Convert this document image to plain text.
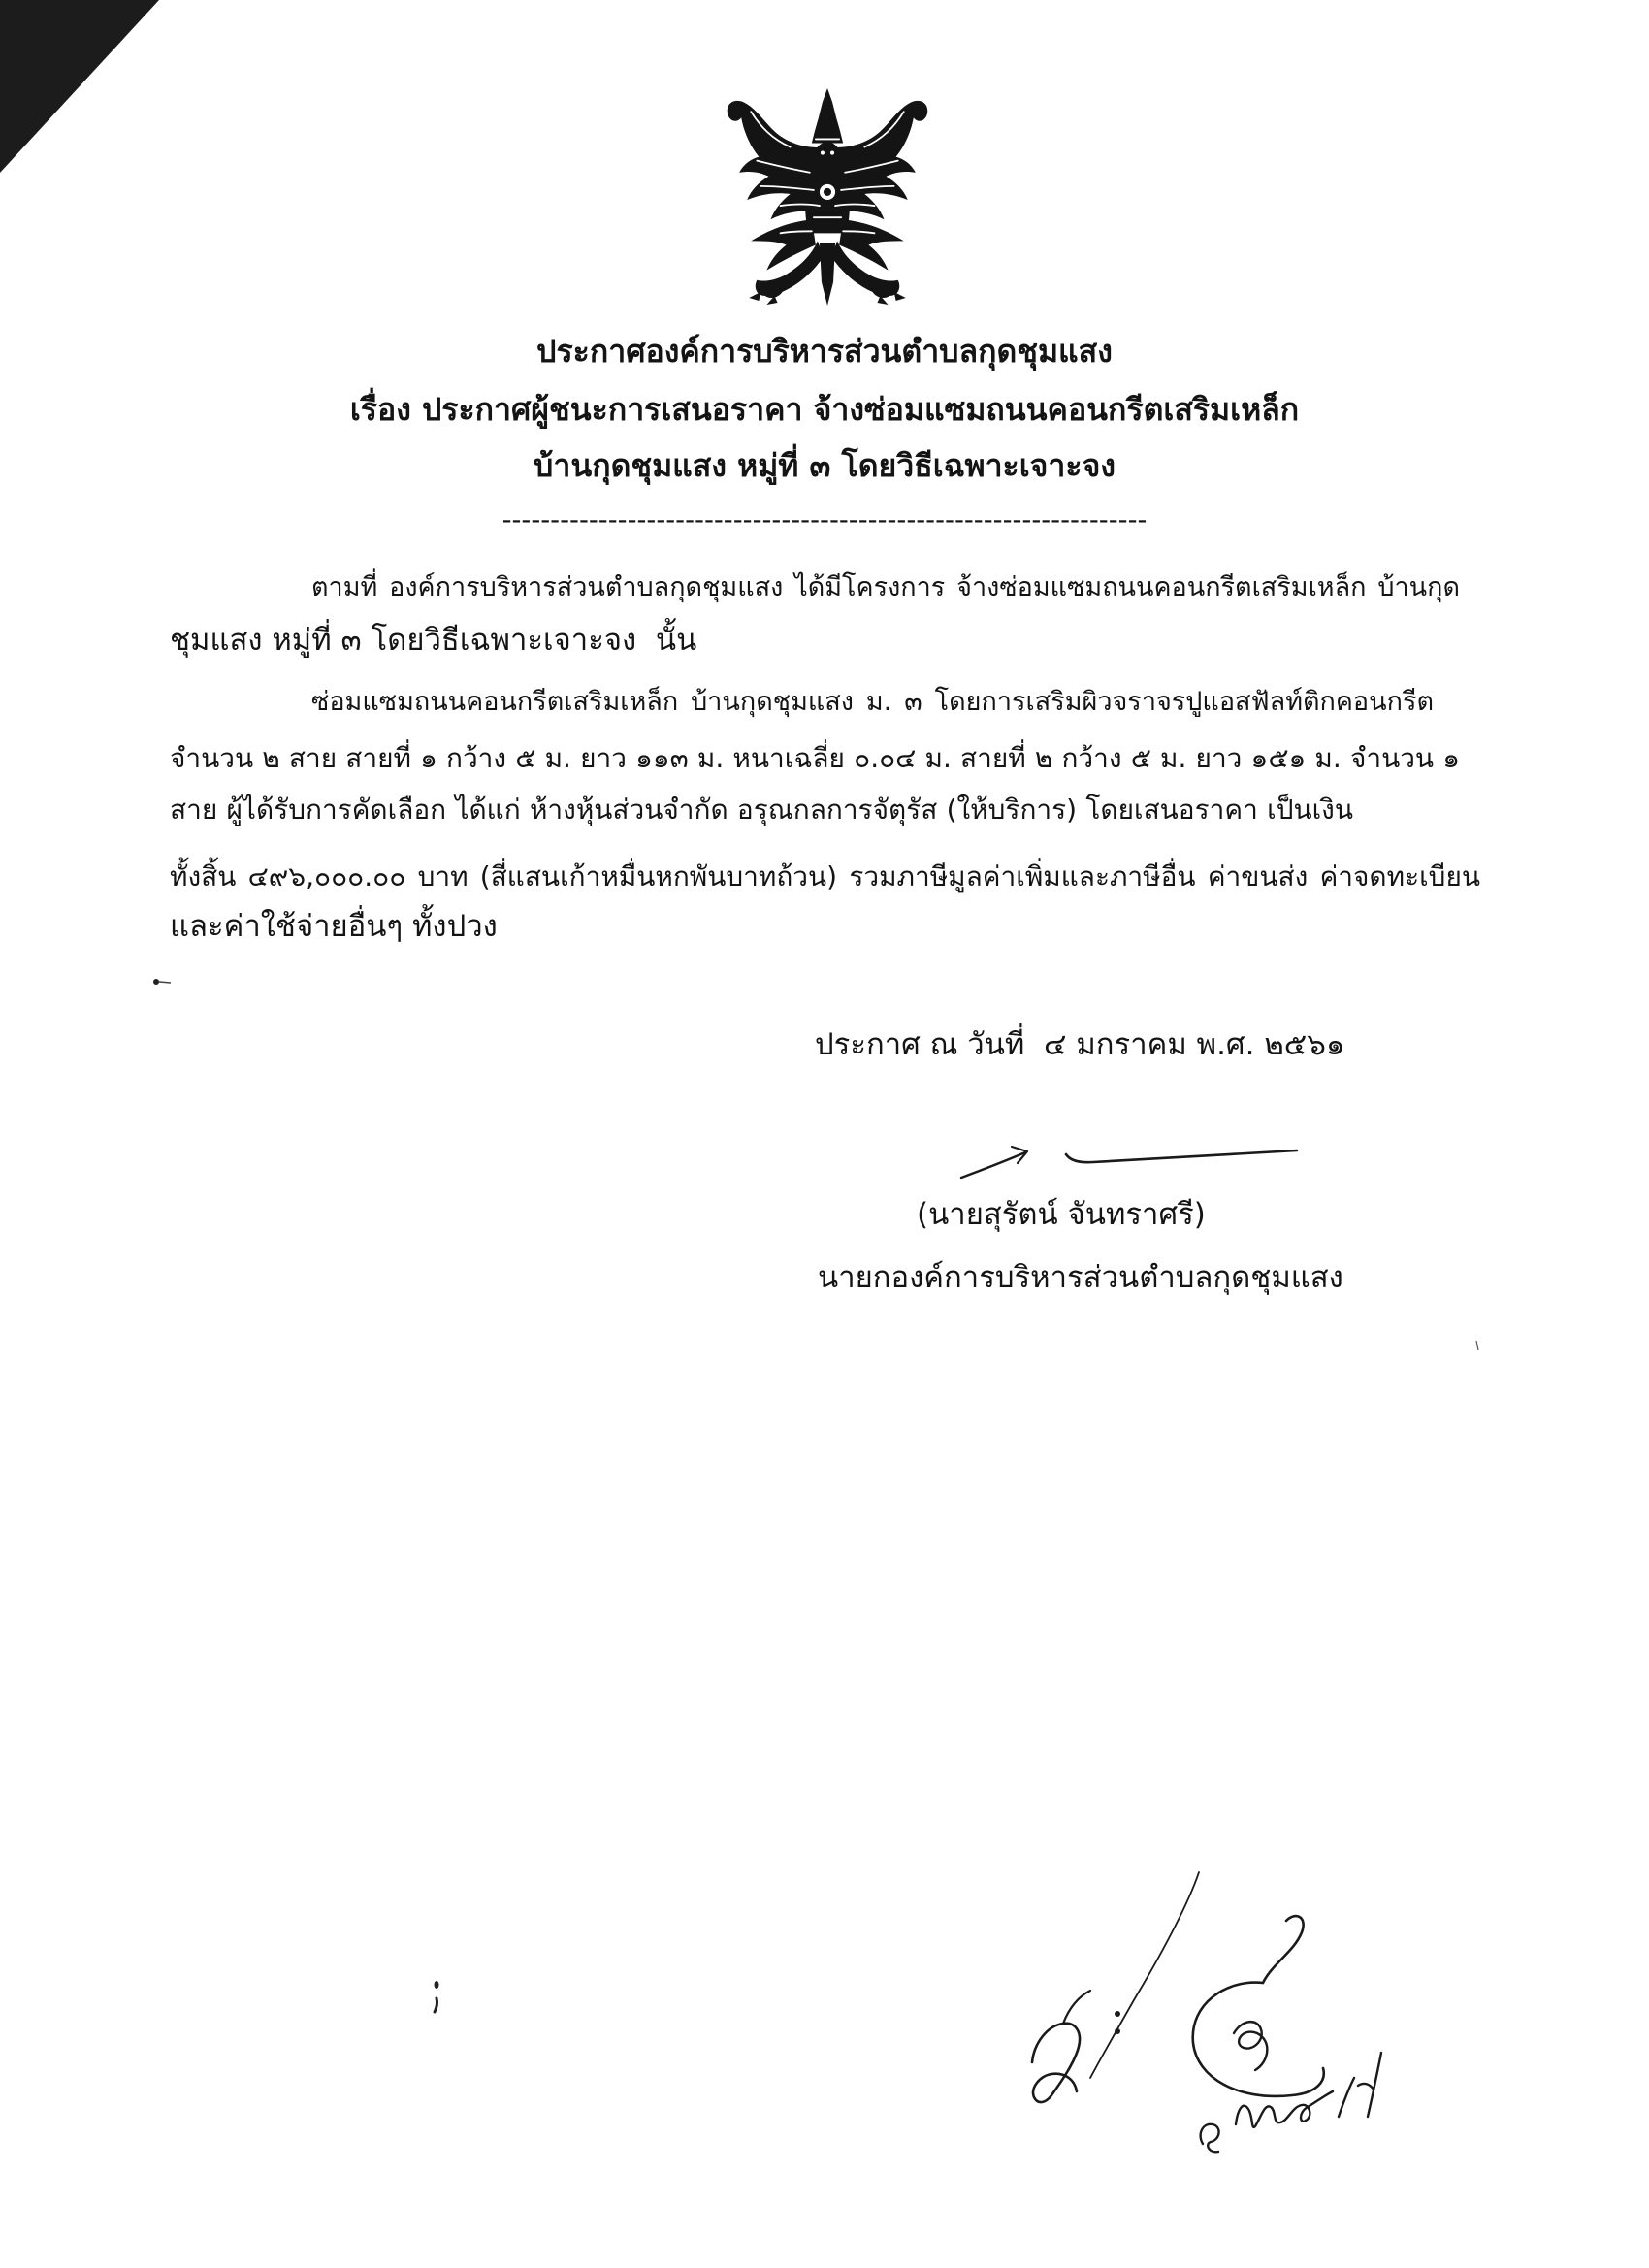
ประกาศองค์การบริหารส่วนตำบลกุดชุมแสง
เรื่อง ประกาศผู้ชนะการเสนอราคา จ้างซ่อมแซมถนนคอนกรีตเสริมเหล็ก
บ้านกุดชุมแสง หมู่ที่ ๓ โดยวิธีเฉพาะเจาะจง
-------------------------------------------------------------------
ตามที่ องค์การบริหารส่วนตำบลกุดชุมแสง ได้มีโครงการ จ้างซ่อมแซมถนนคอนกรีตเสริมเหล็ก บ้านกุด
ชุมแสง หมู่ที่ ๓ โดยวิธีเฉพาะเจาะจง  นั้น
ซ่อมแซมถนนคอนกรีตเสริมเหล็ก บ้านกุดชุมแสง ม. ๓ โดยการเสริมผิวจราจรปูแอสฟัลท์ติกคอนกรีต
จำนวน ๒ สาย สายที่ ๑ กว้าง ๕ ม. ยาว ๑๑๓ ม. หนาเฉลี่ย ๐.๐๔ ม. สายที่ ๒ กว้าง ๕ ม. ยาว ๑๕๑ ม. จำนวน ๑
สาย ผู้ได้รับการคัดเลือก ได้แก่ ห้างหุ้นส่วนจำกัด อรุณกลการจัตุรัส (ให้บริการ) โดยเสนอราคา เป็นเงิน
ทั้งสิ้น ๔๙๖,๐๐๐.๐๐ บาท (สี่แสนเก้าหมื่นหกพันบาทถ้วน) รวมภาษีมูลค่าเพิ่มและภาษีอื่น ค่าขนส่ง ค่าจดทะเบียน
และค่าใช้จ่ายอื่นๆ ทั้งปวง
ประกาศ ณ วันที่  ๔ มกราคม พ.ศ. ๒๕๖๑
(นายสุรัตน์ จันทราศรี)
นายกองค์การบริหารส่วนตำบลกุดชุมแสง
